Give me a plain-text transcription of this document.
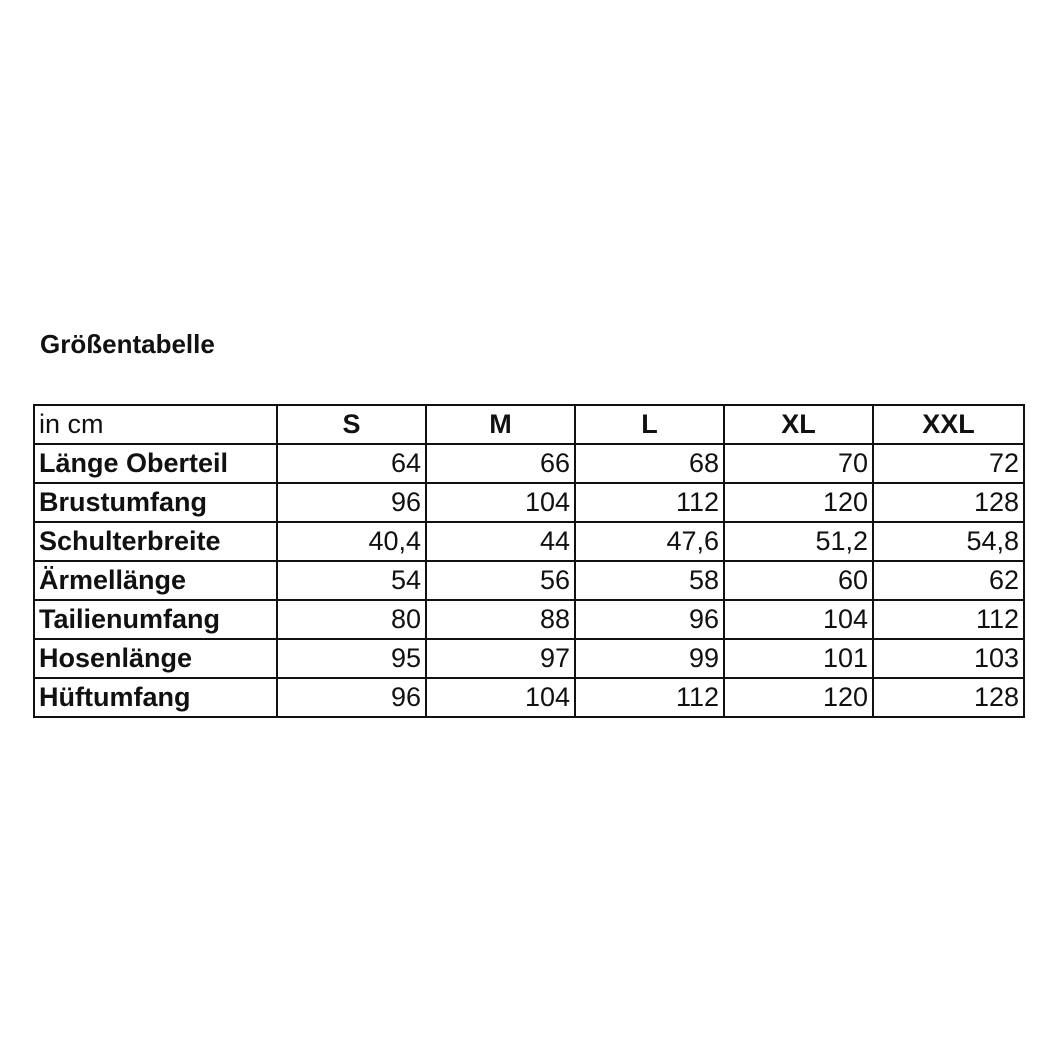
Größentabelle
in cm	S	M	L	XL	XXL
Länge Oberteil	64	66	68	70	72
Brustumfang	96	104	112	120	128
Schulterbreite	40,4	44	47,6	51,2	54,8
Ärmellänge	54	56	58	60	62
Tailienumfang	80	88	96	104	112
Hosenlänge	95	97	99	101	103
Hüftumfang	96	104	112	120	128
